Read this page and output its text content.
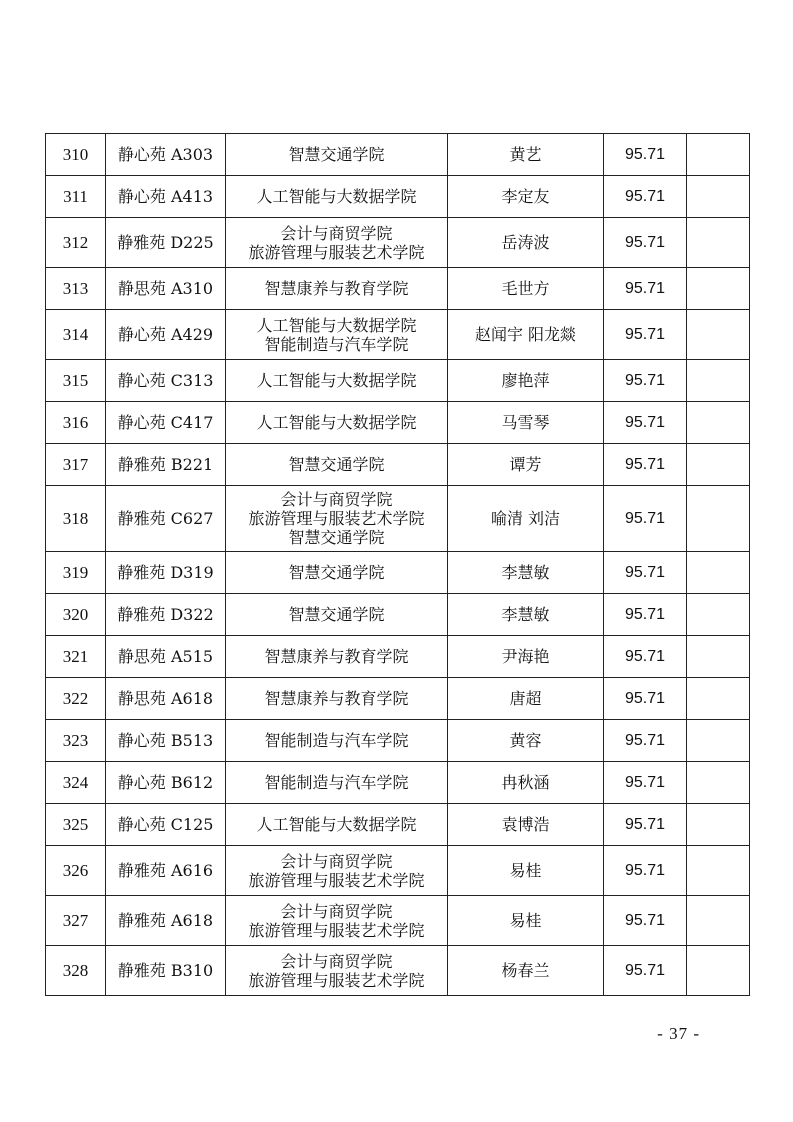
310	静心苑 A303	智慧交通学院	黄艺	95.71	
311	静心苑 A413	人工智能与大数据学院	李定友	95.71	
312	静雅苑 D225	会计与商贸学院
旅游管理与服装艺术学院	岳涛波	95.71	
313	静思苑 A310	智慧康养与教育学院	毛世方	95.71	
314	静心苑 A429	人工智能与大数据学院
智能制造与汽车学院	赵闻宇 阳龙燚	95.71	
315	静心苑 C313	人工智能与大数据学院	廖艳萍	95.71	
316	静心苑 C417	人工智能与大数据学院	马雪琴	95.71	
317	静雅苑 B221	智慧交通学院	谭芳	95.71	
318	静雅苑 C627	会计与商贸学院
旅游管理与服装艺术学院
智慧交通学院	喻清 刘洁	95.71	
319	静雅苑 D319	智慧交通学院	李慧敏	95.71	
320	静雅苑 D322	智慧交通学院	李慧敏	95.71	
321	静思苑 A515	智慧康养与教育学院	尹海艳	95.71	
322	静思苑 A618	智慧康养与教育学院	唐超	95.71	
323	静心苑 B513	智能制造与汽车学院	黄容	95.71	
324	静心苑 B612	智能制造与汽车学院	冉秋涵	95.71	
325	静心苑 C125	人工智能与大数据学院	袁博浩	95.71	
326	静雅苑 A616	会计与商贸学院
旅游管理与服装艺术学院	易桂	95.71	
327	静雅苑 A618	会计与商贸学院
旅游管理与服装艺术学院	易桂	95.71	
328	静雅苑 B310	会计与商贸学院
旅游管理与服装艺术学院	杨春兰	95.71	
- 37 -
